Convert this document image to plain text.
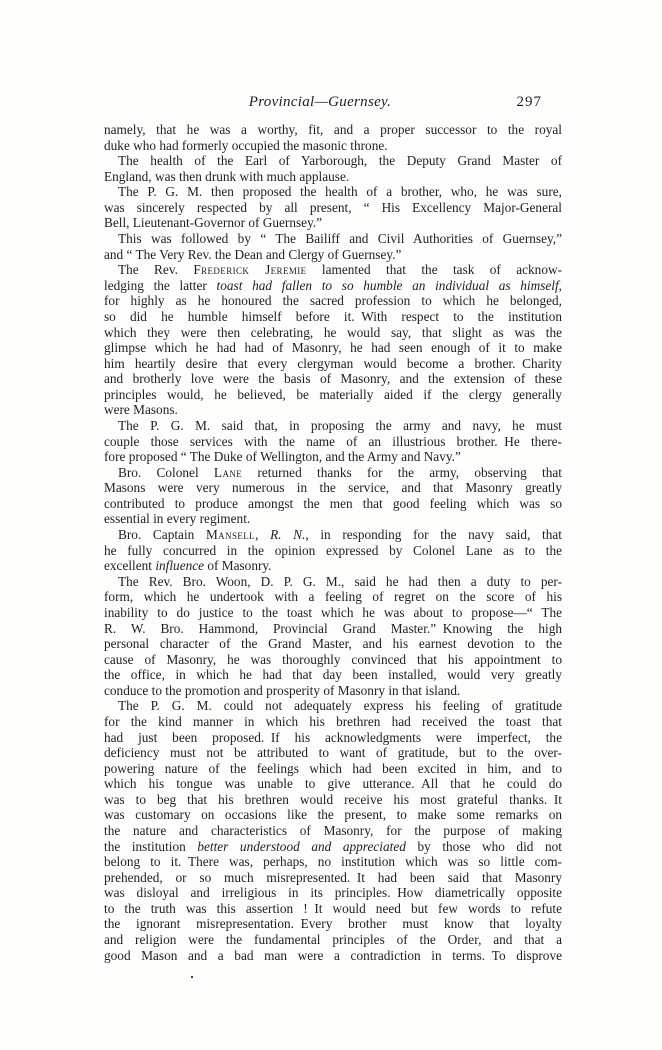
Provincial—Guernsey.	297
namely, that he was a worthy, fit, and a proper successor to the royal
duke who had formerly occupied the masonic throne.
The health of the Earl of Yarborough, the Deputy Grand Master of
England, was then drunk with much applause.
The P. G. M. then proposed the health of a brother, who, he was sure,
was sincerely respected by all present, “ His Excellency Major-General
Bell, Lieutenant-Governor of Guernsey.”
This was followed by “ The Bailiff and Civil Authorities of Guernsey,”
and “ The Very Rev. the Dean and Clergy of Guernsey.”
The Rev. Frederick Jeremie lamented that the task of acknow-
ledging the latter toast had fallen to so humble an individual as himself,
for highly as he honoured the sacred profession to which he belonged,
so did he humble himself before it. With respect to the institution
which they were then celebrating, he would say, that slight as was the
glimpse which he had had of Masonry, he had seen enough of it to make
him heartily desire that every clergyman would become a brother. Charity
and brotherly love were the basis of Masonry, and the extension of these
principles would, he believed, be materially aided if the clergy generally
were Masons.
The P. G. M. said that, in proposing the army and navy, he must
couple those services with the name of an illustrious brother. He there-
fore proposed “ The Duke of Wellington, and the Army and Navy.”
Bro. Colonel Lane returned thanks for the army, observing that
Masons were very numerous in the service, and that Masonry greatly
contributed to produce amongst the men that good feeling which was so
essential in every regiment.
Bro. Captain Mansell, R. N., in responding for the navy said, that
he fully concurred in the opinion expressed by Colonel Lane as to the
excellent influence of Masonry.
The Rev. Bro. Woon, D. P. G. M., said he had then a duty to per-
form, which he undertook with a feeling of regret on the score of his
inability to do justice to the toast which he was about to propose—“ The
R. W. Bro. Hammond, Provincial Grand Master.” Knowing the high
personal character of the Grand Master, and his earnest devotion to the
cause of Masonry, he was thoroughly convinced that his appointment to
the office, in which he had that day been installed, would very greatly
conduce to the promotion and prosperity of Masonry in that island.
The P. G. M. could not adequately express his feeling of gratitude
for the kind manner in which his brethren had received the toast that
had just been proposed. If his acknowledgments were imperfect, the
deficiency must not be attributed to want of gratitude, but to the over-
powering nature of the feelings which had been excited in him, and to
which his tongue was unable to give utterance. All that he could do
was to beg that his brethren would receive his most grateful thanks. It
was customary on occasions like the present, to make some remarks on
the nature and characteristics of Masonry, for the purpose of making
the institution better understood and appreciated by those who did not
belong to it. There was, perhaps, no institution which was so little com-
prehended, or so much misrepresented. It had been said that Masonry
was disloyal and irreligious in its principles. How diametrically opposite
to the truth was this assertion ! It would need but few words to refute
the ignorant misrepresentation. Every brother must know that loyalty
and religion were the fundamental principles of the Order, and that a
good Mason and a bad man were a contradiction in terms. To disprove
